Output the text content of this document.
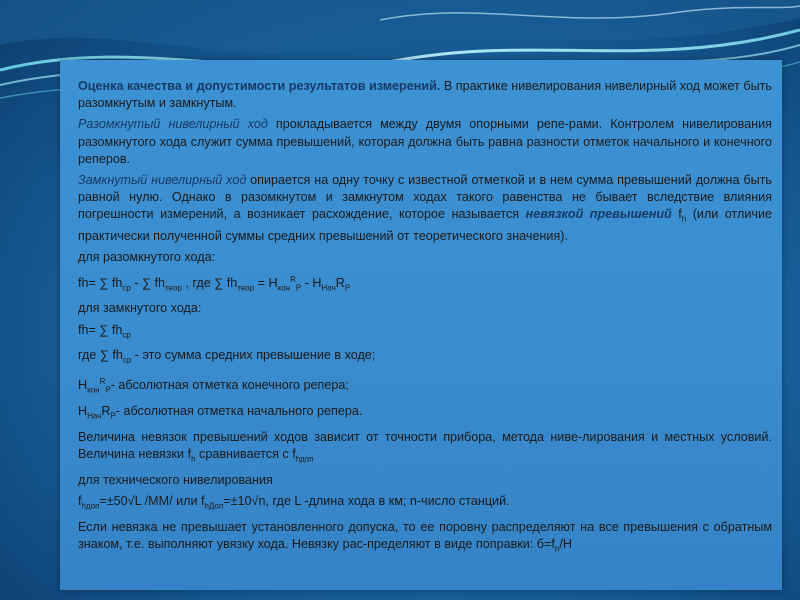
Оценка качества и допустимости результатов измерений. В практике нивелирования нивелирный ход может быть разомкнутым и замкнутым.

Разомкнутый нивелирный ход прокладывается между двумя опорными репе-рами. Контролем нивелирования разомкнутого хода служит сумма превышений, которая должна быть равна разности отметок начального и конечного реперов.

Замкнутый нивелирный ход опирается на одну точку с известной отметкой и в нем сумма превышений должна быть равной нулю. Однако в разомкнутом и замкнутом ходах такого равенства не бывает вследствие влияния погрешности измерений, а возникает расхождение, которое называется невязкой превышений $f_h$ (или отличие практически полученной суммы средних превышений от теоретического значения).

для разомкнутого хода:
fh= ∑ $fh_{ср}$ - ∑ $fh_{теор}$ , где ∑ $fh_{теор} = Н_{кон}^R_Р - Н_{Нач}R_Р$
для замкнутого хода:
fh= ∑ $fh_{ср}$
где ∑ $fh_{ср}$ - это сумма средних превышение в ходе;
$Н_{кон}^R_Р-$ абсолютная отметка конечного репера;
$Н_{Нач}R_Р-$ абсолютная отметка начального репера.

Величина невязок превышений ходов зависит от точности прибора, метода ниве-лирования и местных условий. Величина невязки $f_h$ сравнивается с $f_{hдоп}$

для технического нивелирования
$f_{hдоп}=\pm 50√L$ /ММ/ или $f_{hДоп}=\pm 10√n$, где L -длина хода в км; n-число станций.

Если невязка не превышает установленного допуска, то ее поровну распределяют на все превышения с обратным знаком, т.е. выполняют увязку хода. Невязку рас-пределяют в виде поправки: $б=f_h/Н$
